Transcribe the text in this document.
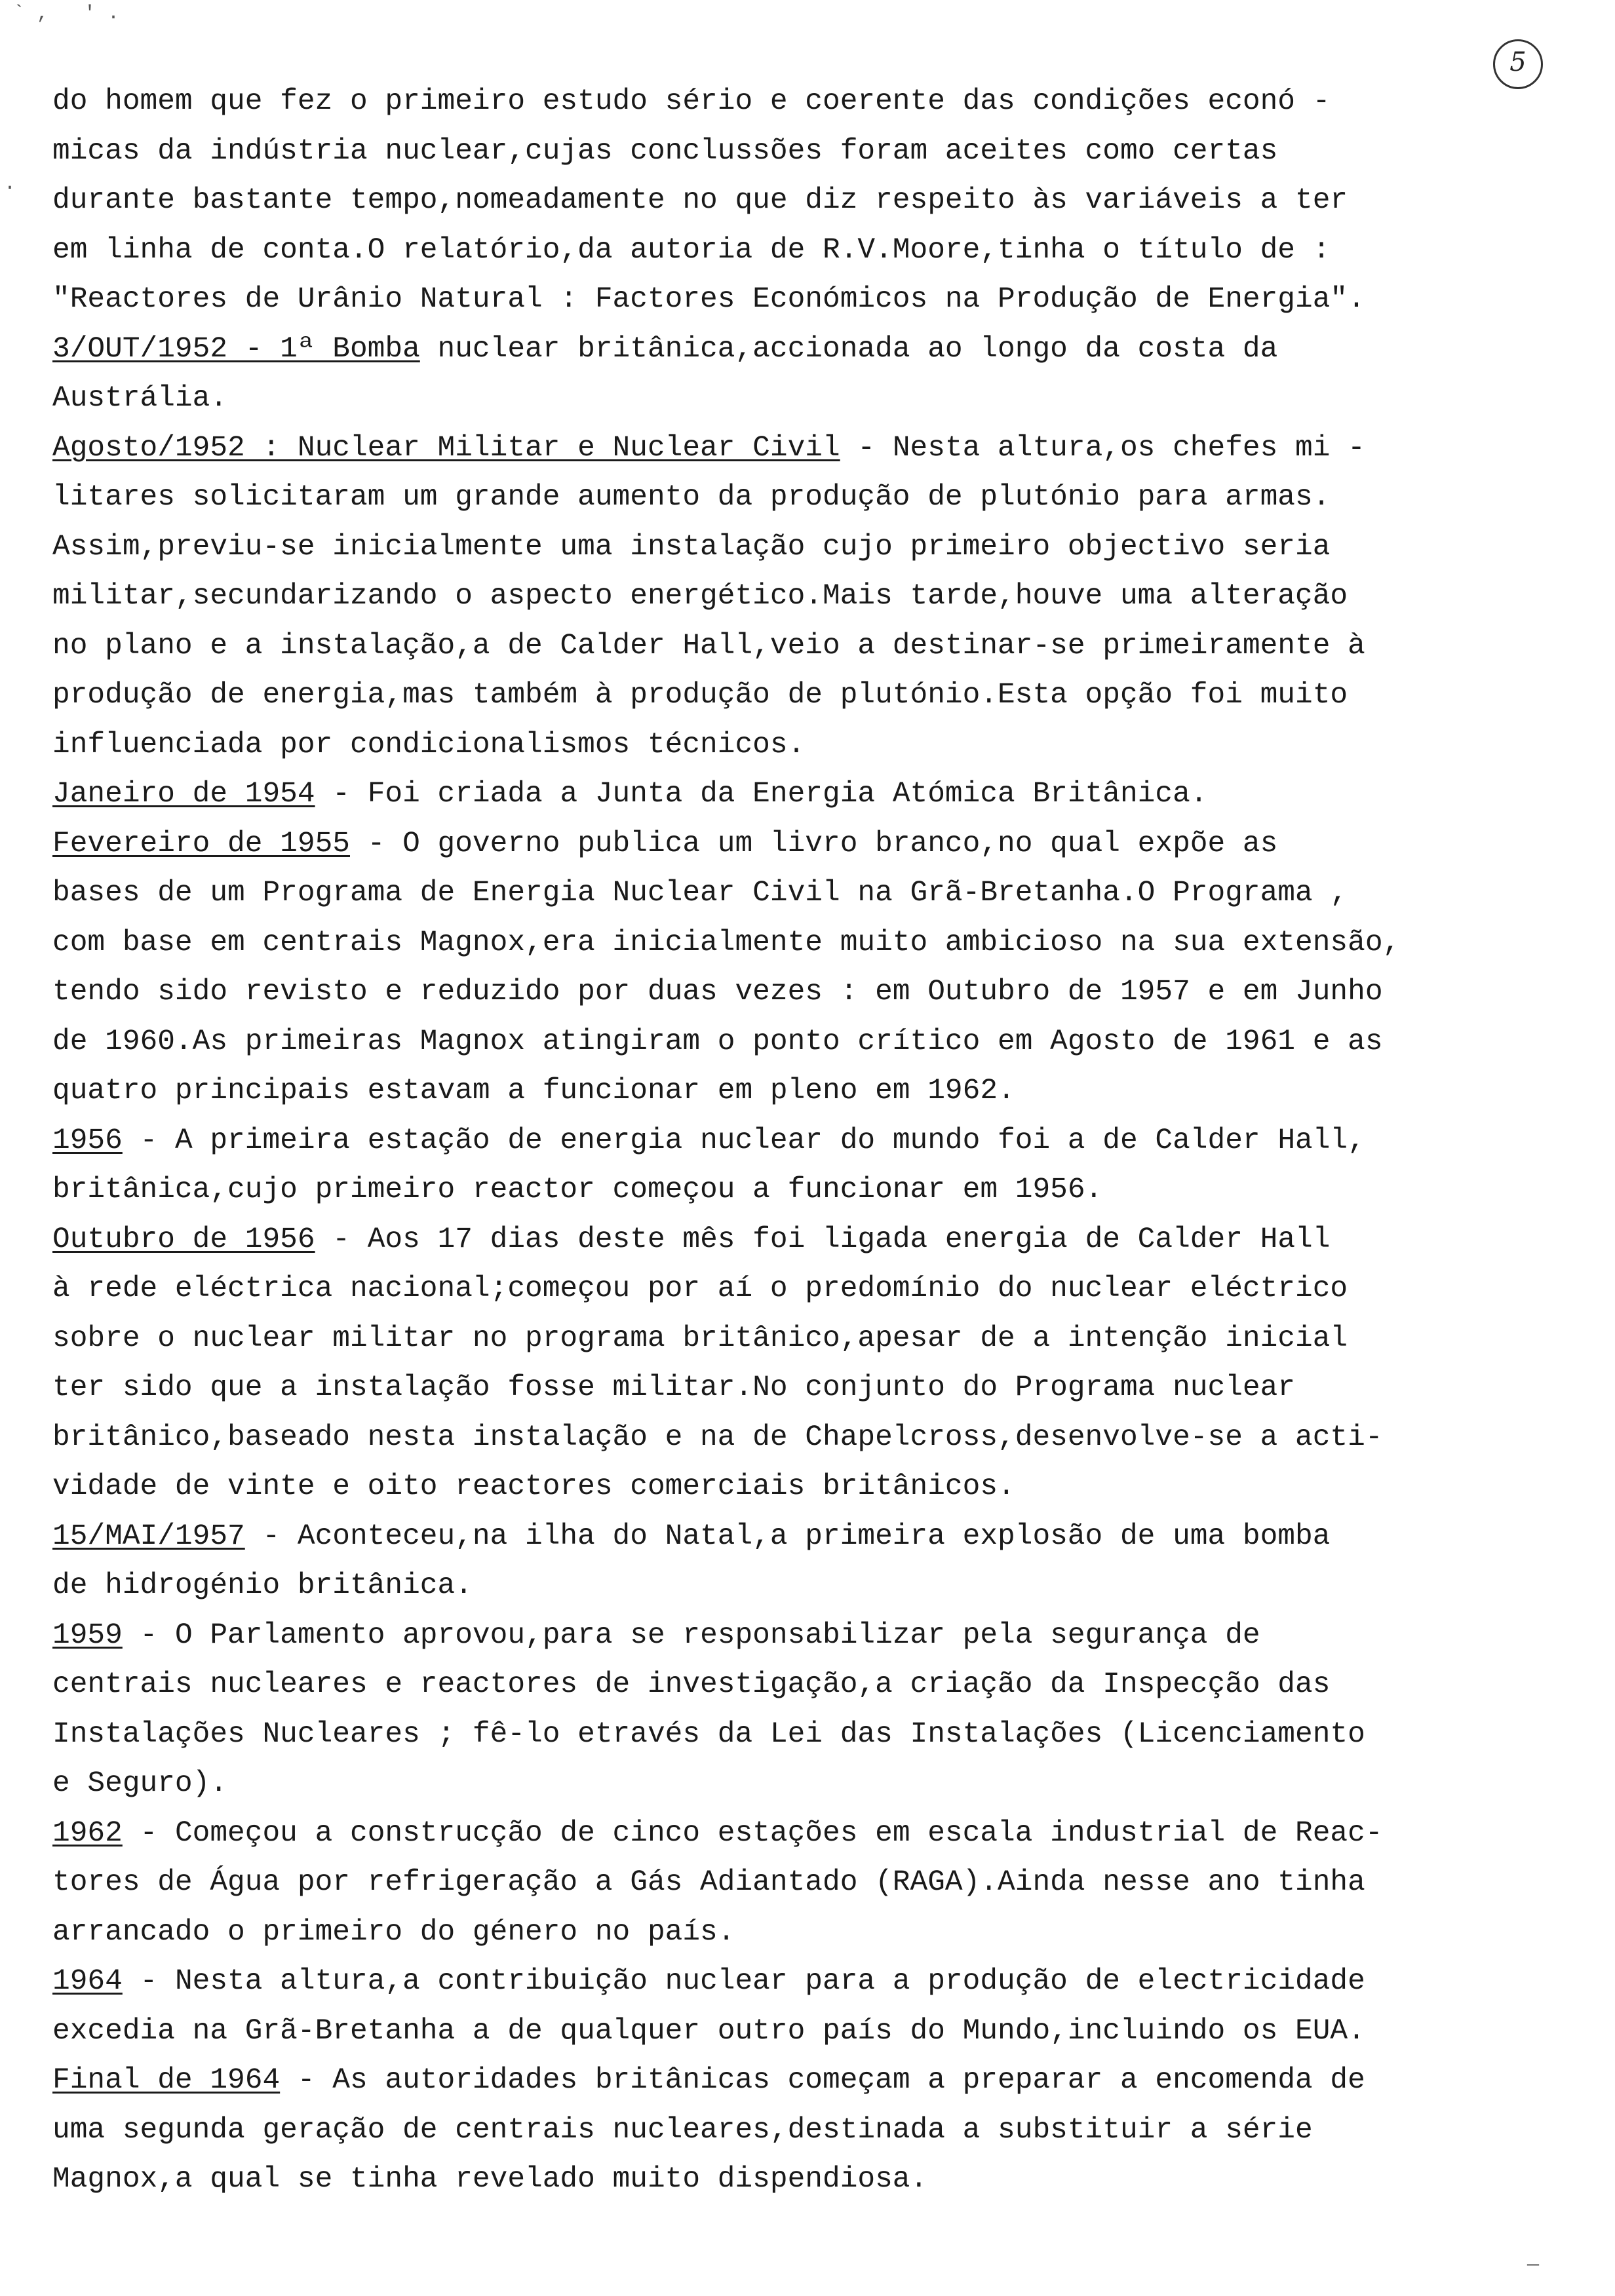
5
` ,   ' .
·
—
do homem que fez o primeiro estudo sério e coerente das condições econó -
micas da indústria nuclear,cujas conclussões foram aceites como certas
durante bastante tempo,nomeadamente no que diz respeito às variáveis a ter
em linha de conta.O relatório,da autoria de R.V.Moore,tinha o título de :
"Reactores de Urânio Natural : Factores Económicos na Produção de Energia".
3/OUT/1952 - 1ª Bomba nuclear britânica,accionada ao longo da costa da
Austrália.
Agosto/1952 : Nuclear Militar e Nuclear Civil - Nesta altura,os chefes mi -
litares solicitaram um grande aumento da produção de plutónio para armas.
Assim,previu-se inicialmente uma instalação cujo primeiro objectivo seria
militar,secundarizando o aspecto energético.Mais tarde,houve uma alteração
no plano e a instalação,a de Calder Hall,veio a destinar-se primeiramente à
produção de energia,mas também à produção de plutónio.Esta opção foi muito
influenciada por condicionalismos técnicos.
Janeiro de 1954 - Foi criada a Junta da Energia Atómica Britânica.
Fevereiro de 1955 - O governo publica um livro branco,no qual expõe as
bases de um Programa de Energia Nuclear Civil na Grã-Bretanha.O Programa ,
com base em centrais Magnox,era inicialmente muito ambicioso na sua extensão,
tendo sido revisto e reduzido por duas vezes : em Outubro de 1957 e em Junho
de 1960.As primeiras Magnox atingiram o ponto crítico em Agosto de 1961 e as
quatro principais estavam a funcionar em pleno em 1962.
1956 - A primeira estação de energia nuclear do mundo foi a de Calder Hall,
britânica,cujo primeiro reactor começou a funcionar em 1956.
Outubro de 1956 - Aos 17 dias deste mês foi ligada energia de Calder Hall
à rede eléctrica nacional;começou por aí o predomínio do nuclear eléctrico
sobre o nuclear militar no programa britânico,apesar de a intenção inicial
ter sido que a instalação fosse militar.No conjunto do Programa nuclear
britânico,baseado nesta instalação e na de Chapelcross,desenvolve-se a acti-
vidade de vinte e oito reactores comerciais britânicos.
15/MAI/1957 - Aconteceu,na ilha do Natal,a primeira explosão de uma bomba
de hidrogénio britânica.
1959 - O Parlamento aprovou,para se responsabilizar pela segurança de
centrais nucleares e reactores de investigação,a criação da Inspecção das
Instalações Nucleares ; fê-lo etravés da Lei das Instalações (Licenciamento
e Seguro).
1962 - Começou a construcção de cinco estações em escala industrial de Reac-
tores de Água por refrigeração a Gás Adiantado (RAGA).Ainda nesse ano tinha
arrancado o primeiro do género no país.
1964 - Nesta altura,a contribuição nuclear para a produção de electricidade
excedia na Grã-Bretanha a de qualquer outro país do Mundo,incluindo os EUA.
Final de 1964 - As autoridades britânicas começam a preparar a encomenda de
uma segunda geração de centrais nucleares,destinada a substituir a série
Magnox,a qual se tinha revelado muito dispendiosa.
